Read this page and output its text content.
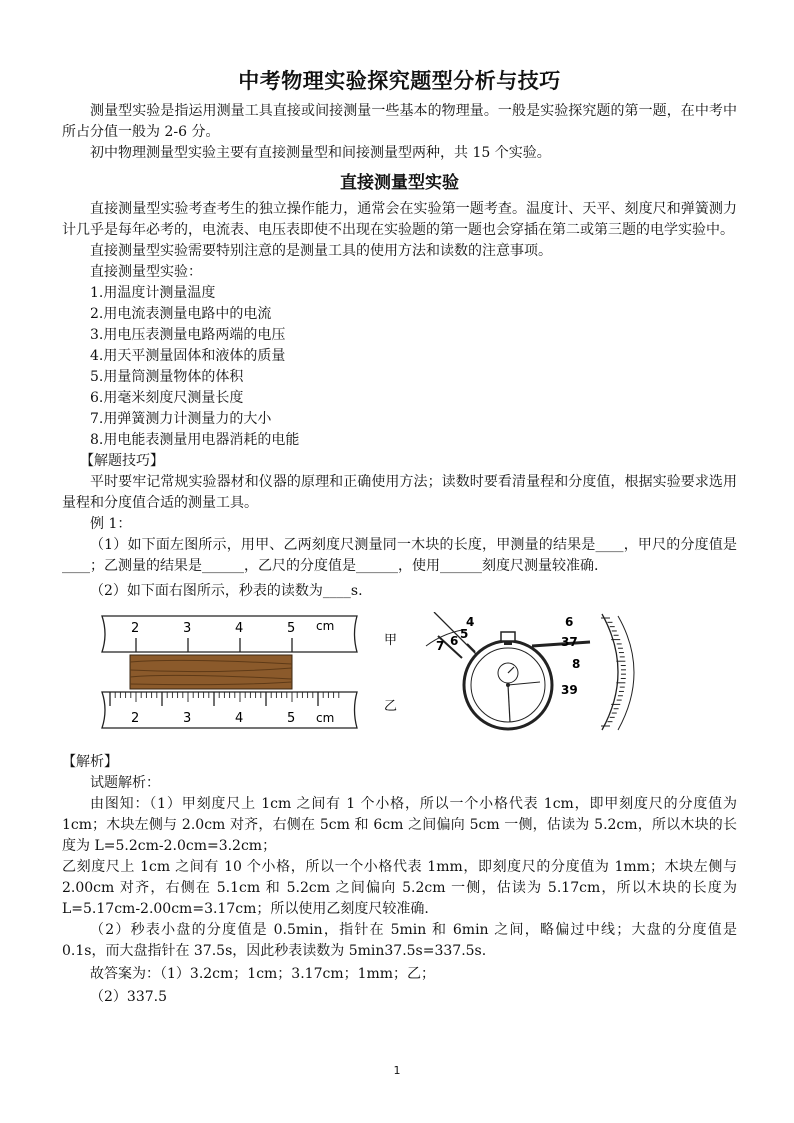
中考物理实验探究题型分析与技巧

测量型实验是指运用测量工具直接或间接测量一些基本的物理量。一般是实验探究题的第一题，在中考中所占分值一般为 2-6 分。

初中物理测量型实验主要有直接测量型和间接测量型两种，共 15 个实验。

直接测量型实验

直接测量型实验考查考生的独立操作能力，通常会在实验第一题考查。温度计、天平、刻度尺和弹簧测力计几乎是每年必考的，电流表、电压表即使不出现在实验题的第一题也会穿插在第二或第三题的电学实验中。

直接测量型实验需要特别注意的是测量工具的使用方法和读数的注意事项。

直接测量型实验：

1.用温度计测量温度

2.用电流表测量电路中的电流

3.用电压表测量电路两端的电压

4.用天平测量固体和液体的质量

5.用量筒测量物体的体积

6.用毫米刻度尺测量长度

7.用弹簧测力计测量力的大小

8.用电能表测量用电器消耗的电能

【解题技巧】

平时要牢记常规实验器材和仪器的原理和正确使用方法；读数时要看清量程和分度值，根据实验要求选用量程和分度值合适的测量工具。

例 1：

（1）如下面左图所示，用甲、乙两刻度尺测量同一木块的长度，甲测量的结果是____，甲尺的分度值是____；乙测量的结果是______，乙尺的分度值是______，使用______刻度尺测量较准确.

（2）如下面右图所示，秒表的读数为____s.

2	3	4	5 cm
甲
2	3	4	5 cm
乙
4
5
6
7
6
37
8
39

【解析】

试题解析：

由图知：（1）甲刻度尺上 1cm 之间有 1 个小格，所以一个小格代表 1cm，即甲刻度尺的分度值为 1cm；木块左侧与 2.0cm 对齐，右侧在 5cm 和 6cm 之间偏向 5cm 一侧，估读为 5.2cm，所以木块的长度为 L=5.2cm-2.0cm=3.2cm；

乙刻度尺上 1cm 之间有 10 个小格，所以一个小格代表 1mm，即刻度尺的分度值为 1mm；木块左侧与 2.00cm 对齐，右侧在 5.1cm 和 5.2cm 之间偏向 5.2cm 一侧，估读为 5.17cm，所以木块的长度为 L=5.17cm-2.00cm=3.17cm；所以使用乙刻度尺较准确.

（2）秒表小盘的分度值是 0.5min，指针在 5min 和 6min 之间，略偏过中线；大盘的分度值是 0.1s，而大盘指针在 37.5s，因此秒表读数为 5min37.5s=337.5s.

故答案为：（1）3.2cm；1cm；3.17cm；1mm；乙；

（2）337.5

1
